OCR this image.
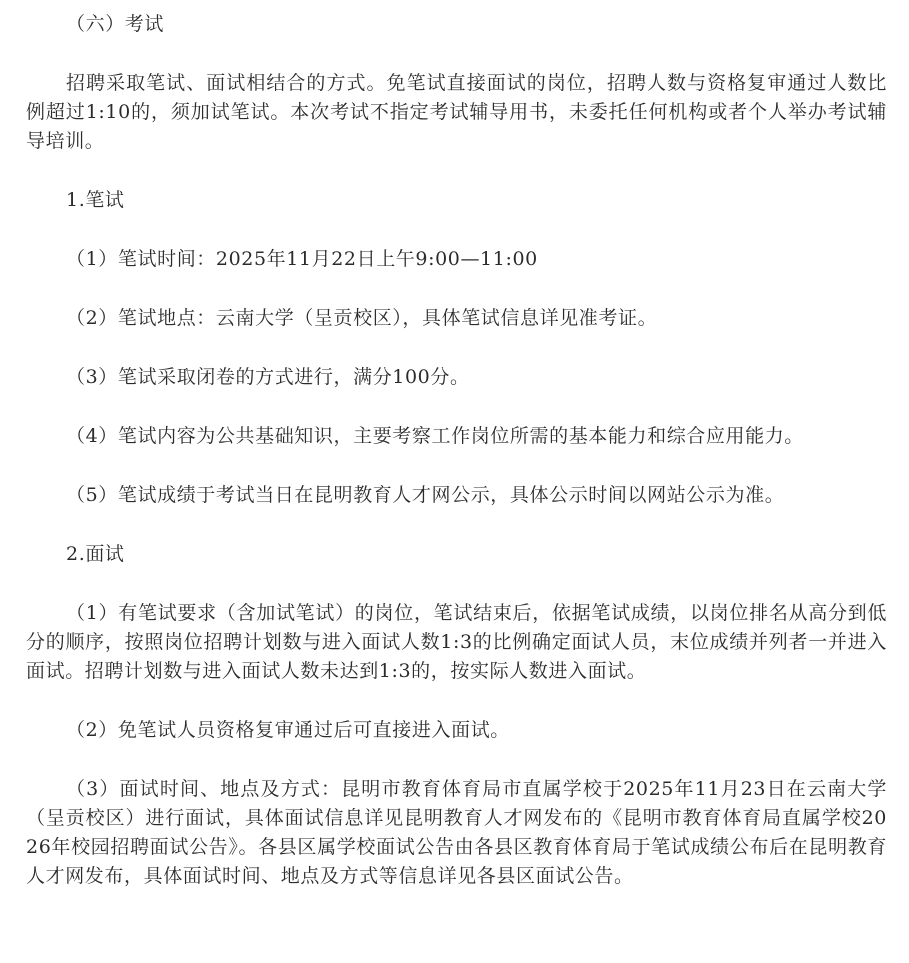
（六）考试

招聘采取笔试、面试相结合的方式。免笔试直接面试的岗位，招聘人数与资格复审通过人数比例超过1:10的，须加试笔试。本次考试不指定考试辅导用书，未委托任何机构或者个人举办考试辅导培训。

1.笔试

（1）笔试时间：2025年11月22日上午9:00—11:00

（2）笔试地点：云南大学（呈贡校区），具体笔试信息详见准考证。

（3）笔试采取闭卷的方式进行，满分100分。

（4）笔试内容为公共基础知识，主要考察工作岗位所需的基本能力和综合应用能力。

（5）笔试成绩于考试当日在昆明教育人才网公示，具体公示时间以网站公示为准。

2.面试

（1）有笔试要求（含加试笔试）的岗位，笔试结束后，依据笔试成绩，以岗位排名从高分到低分的顺序，按照岗位招聘计划数与进入面试人数1:3的比例确定面试人员，末位成绩并列者一并进入面试。招聘计划数与进入面试人数未达到1:3的，按实际人数进入面试。

（2）免笔试人员资格复审通过后可直接进入面试。

（3）面试时间、地点及方式：昆明市教育体育局市直属学校于2025年11月23日在云南大学（呈贡校区）进行面试，具体面试信息详见昆明教育人才网发布的《昆明市教育体育局直属学校2026年校园招聘面试公告》。各县区属学校面试公告由各县区教育体育局于笔试成绩公布后在昆明教育人才网发布，具体面试时间、地点及方式等信息详见各县区面试公告。
